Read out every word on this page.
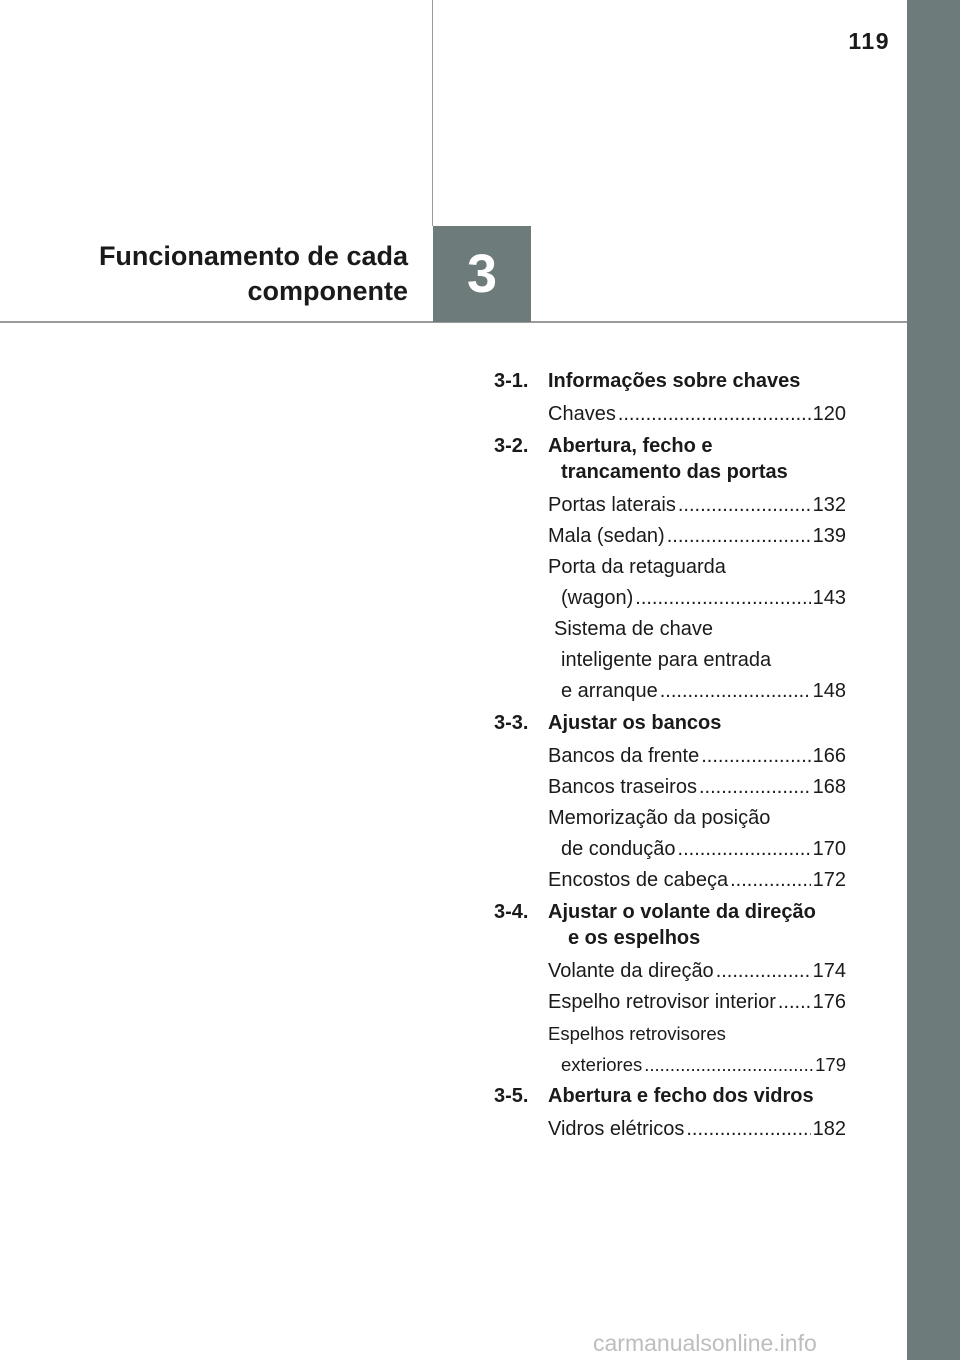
119
Funcionamento de cada
componente	3
3-1. Informações sobre chaves
Chaves .....	120
3-2. Abertura, fecho e
trancamento das portas
Portas laterais .....	132
Mala (sedan) .....	139
Porta da retaguarda
(wagon) .....	143
Sistema de chave
inteligente para entrada
e arranque .....	148
3-3. Ajustar os bancos
Bancos da frente .....	166
Bancos traseiros .....	168
Memorização da posição
de condução .....	170
Encostos de cabeça .....	172
3-4. Ajustar o volante da direção
e os espelhos
Volante da direção .....	174
Espelho retrovisor interior ..... 176
Espelhos retrovisores
exteriores .....	179
3-5. Abertura e fecho dos vidros
Vidros elétricos .....	182
carmanualsonline.info
